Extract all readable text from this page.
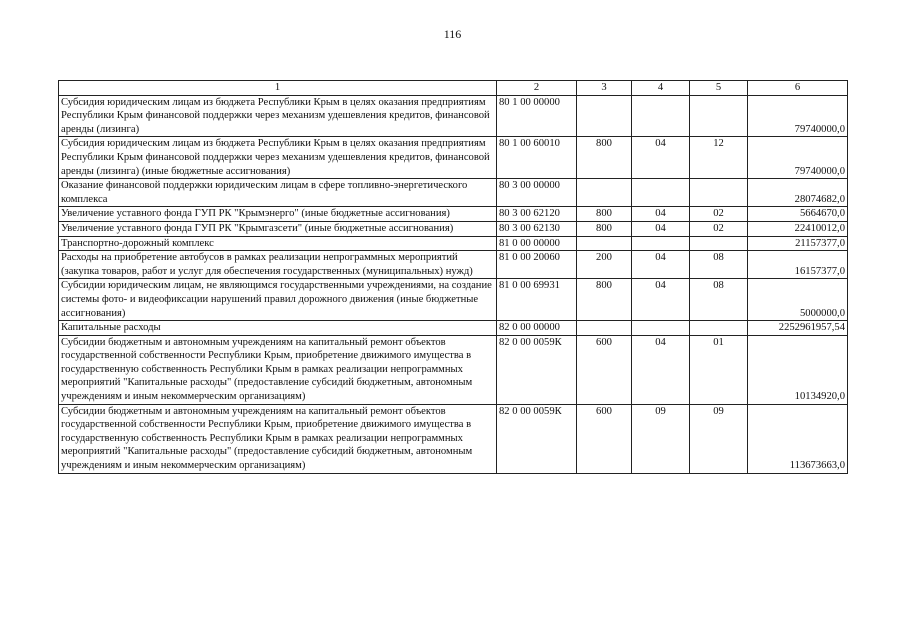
116
1	2	3	4	5	6
Субсидия юридическим лицам из бюджета Республики Крым в целях оказания предприятиям Республики Крым финансовой поддержки через механизм удешевления кредитов, финансовой аренды (лизинга)	80 1 00 00000				79740000,0
Субсидия юридическим лицам из бюджета Республики Крым в целях оказания предприятиям Республики Крым финансовой поддержки через механизм удешевления кредитов, финансовой аренды (лизинга) (иные бюджетные ассигнования)	80 1 00 60010	800	04	12	79740000,0
Оказание финансовой поддержки юридическим лицам в сфере топливно-энергетического комплекса	80 3 00 00000				28074682,0
Увеличение уставного фонда ГУП РК "Крымэнерго" (иные бюджетные ассигнования)	80 3 00 62120	800	04	02	5664670,0
Увеличение уставного фонда ГУП РК "Крымгазсети" (иные бюджетные ассигнования)	80 3 00 62130	800	04	02	22410012,0
Транспортно-дорожный комплекс	81 0 00 00000				21157377,0
Расходы на приобретение автобусов в рамках реализации непрограммных мероприятий (закупка товаров, работ и услуг для обеспечения государственных (муниципальных) нужд)	81 0 00 20060	200	04	08	16157377,0
Субсидии юридическим лицам, не являющимся государственными учреждениями, на создание системы фото- и видеофиксации нарушений правил дорожного движения (иные бюджетные ассигнования)	81 0 00 69931	800	04	08	5000000,0
Капитальные расходы	82 0 00 00000				2252961957,54
Субсидии бюджетным и автономным учреждениям на капитальный ремонт объектов государственной собственности Республики Крым, приобретение движимого имущества в государственную собственность Республики Крым в рамках реализации непрограммных мероприятий "Капитальные расходы" (предоставление субсидий бюджетным, автономным учреждениям и иным некоммерческим организациям)	82 0 00 0059К	600	04	01	10134920,0
Субсидии бюджетным и автономным учреждениям на капитальный ремонт объектов государственной собственности Республики Крым, приобретение движимого имущества в государственную собственность Республики Крым в рамках реализации непрограммных мероприятий "Капитальные расходы" (предоставление субсидий бюджетным, автономным учреждениям и иным некоммерческим организациям)	82 0 00 0059К	600	09	09	113673663,0
